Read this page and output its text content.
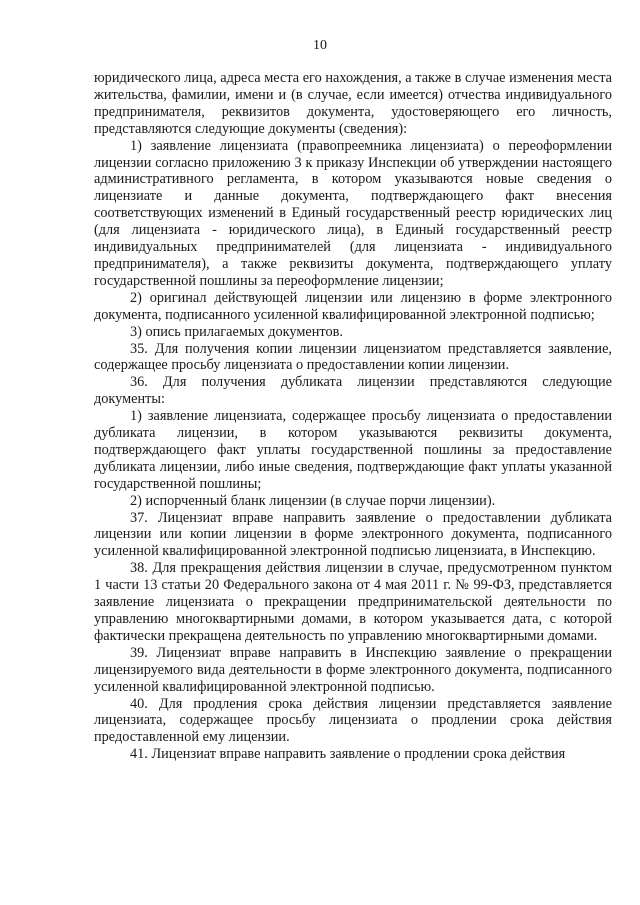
10

юридического лица, адреса места его нахождения, а также в случае изменения места жительства, фамилии, имени и (в случае, если имеется) отчества индивидуального предпринимателя, реквизитов документа, удостоверяющего его личность, представляются следующие документы (сведения):

1) заявление лицензиата (правопреемника лицензиата) о переоформлении лицензии согласно приложению 3 к приказу Инспекции об утверждении настоящего административного регламента, в котором указываются новые сведения о лицензиате и данные документа, подтверждающего факт внесения соответствующих изменений в Единый государственный реестр юридических лиц (для лицензиата - юридического лица), в Единый государственный реестр индивидуальных предпринимателей (для лицензиата - индивидуального предпринимателя), а также реквизиты документа, подтверждающего уплату государственной пошлины за переоформление лицензии;

2) оригинал действующей лицензии или лицензию в форме электронного документа, подписанного усиленной квалифицированной электронной подписью;

3) опись прилагаемых документов.

35. Для получения копии лицензии лицензиатом представляется заявление, содержащее просьбу лицензиата о предоставлении копии лицензии.

36. Для получения дубликата лицензии представляются следующие документы:

1) заявление лицензиата, содержащее просьбу лицензиата о предоставлении дубликата лицензии, в котором указываются реквизиты документа, подтверждающего факт уплаты государственной пошлины за предоставление дубликата лицензии, либо иные сведения, подтверждающие факт уплаты указанной государственной пошлины;

2) испорченный бланк лицензии (в случае порчи лицензии).

37. Лицензиат вправе направить заявление о предоставлении дубликата лицензии или копии лицензии в форме электронного документа, подписанного усиленной квалифицированной электронной подписью лицензиата, в Инспекцию.

38. Для прекращения действия лицензии в случае, предусмотренном пунктом 1 части 13 статьи 20 Федерального закона от 4 мая 2011 г. № 99-ФЗ, представляется заявление лицензиата о прекращении предпринимательской деятельности по управлению многоквартирными домами, в котором указывается дата, с которой фактически прекращена деятельность по управлению многоквартирными домами.

39. Лицензиат вправе направить в Инспекцию заявление о прекращении лицензируемого вида деятельности в форме электронного документа, подписанного усиленной квалифицированной электронной подписью.

40. Для продления срока действия лицензии представляется заявление лицензиата, содержащее просьбу лицензиата о продлении срока действия предоставленной ему лицензии.

41. Лицензиат вправе направить заявление о продлении срока действия
